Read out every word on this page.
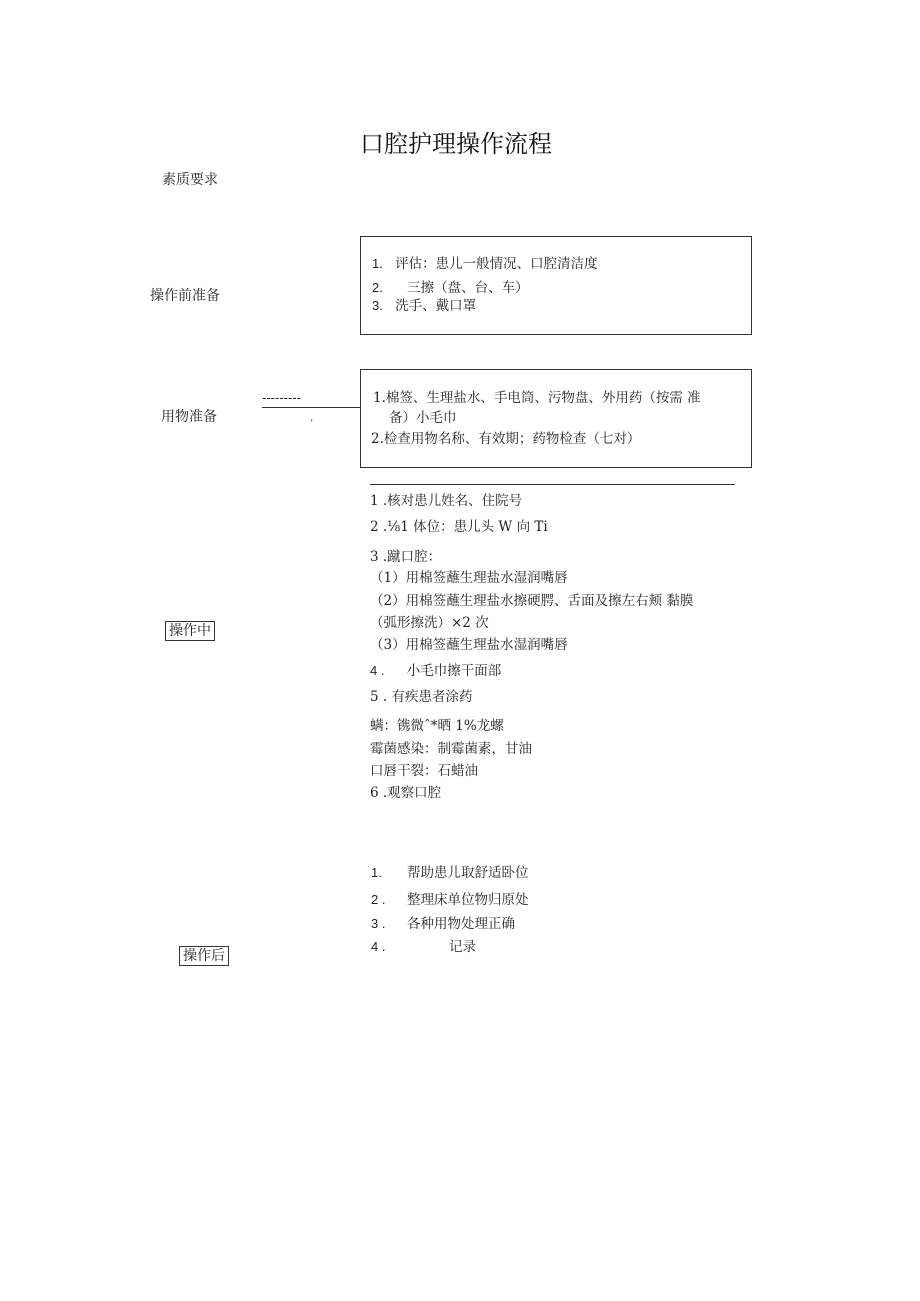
口腔护理操作流程
素质要求
操作前准备
1. 评估：患儿一般情况、口腔清洁度
2. 三擦（盘、台、车）
3. 洗手、戴口罩
用物准备
---------
.
1.棉签、生理盐水、手电筒、污物盘、外用药（按需 准
备）小毛巾
2.检查用物名称、有效期；药物检查（七对）
操作中
1 .核对患儿姓名、住院号
2 .⅛1 体位：患儿头 W 向 Ti
3 .蹴口腔：
（1）用棉签蘸生理盐水湿润嘴唇
（2）用棉签蘸生理盐水擦硬腭、舌面及擦左右颊 黏膜
（弧形擦洗）×2 次
（3）用棉签蘸生理盐水湿润嘴唇
4 . 小毛巾擦干面部
5 . 有疾患者涂药
螨：镌微ˆ*晒 1%龙螺
霉菌感染：制霉菌素，甘油
口唇干裂：石蜡油
6 .观察口腔
操作后
1. 帮助患儿取舒适卧位
2 . 整理床单位物归原处
3 . 各种用物处理正确
4 .	记录
